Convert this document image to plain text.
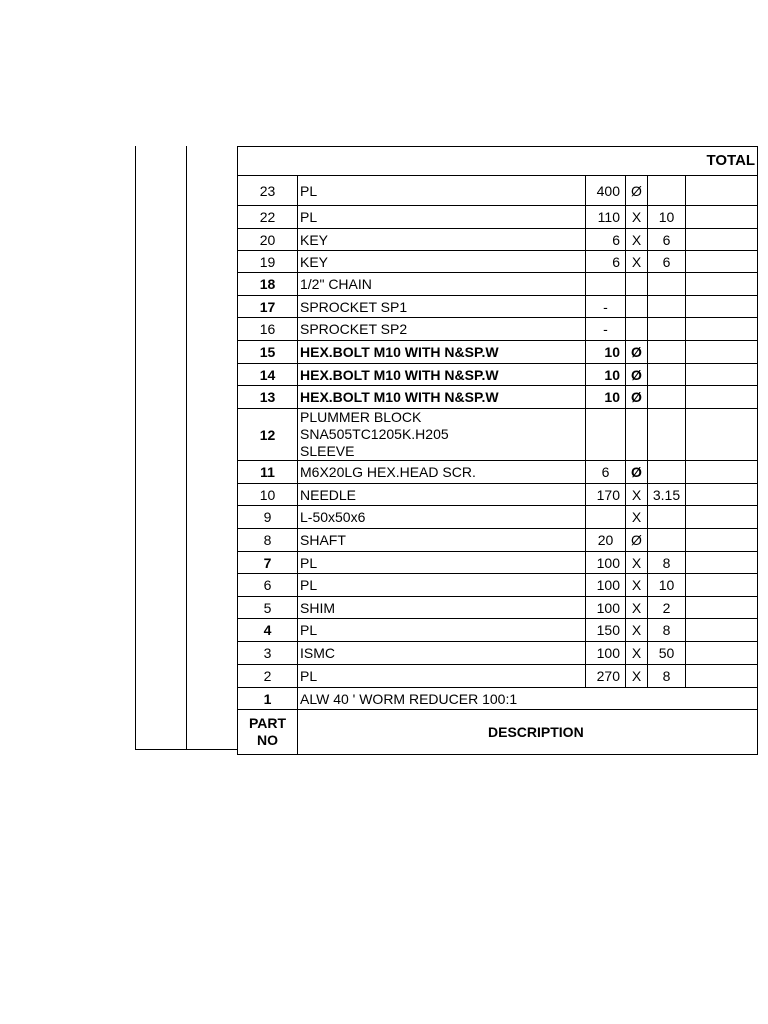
TOTAL					
23	PL	400	Ø		
22	PL	110	X	10	
20	KEY	6	X	6	
19	KEY	6	X	6	
18	1/2" CHAIN				
17	SPROCKET SP1	-			
16	SPROCKET SP2	-			
15	HEX.BOLT M10 WITH N&SP.W	10	Ø		
14	HEX.BOLT M10 WITH N&SP.W	10	Ø		
13	HEX.BOLT M10 WITH N&SP.W	10	Ø		
12	PLUMMER BLOCK SNA505TC1205K.H205 SLEEVE				
11	M6X20LG HEX.HEAD SCR.	6	Ø		
10	NEEDLE	170	X	3.15	
9	L-50x50x6		X		
8	SHAFT	20	Ø		
7	PL	100	X	8	
6	PL	100	X	10	
5	SHIM	100	X	2	
4	PL	150	X	8	
3	ISMC	100	X	50	
2	PL	270	X	8	
1	ALW 40 ' WORM REDUCER 100:1				
PART NO	DESCRIPTION				
